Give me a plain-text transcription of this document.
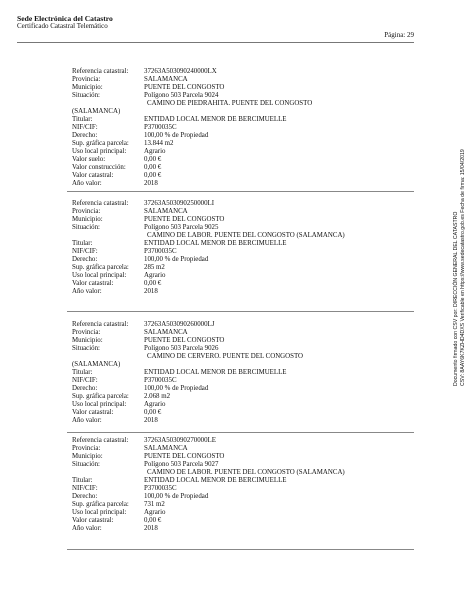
Sede Electrónica del Catastro
Certificado Catastral Telemático
Página: 29
Referencia catastral: 37263A503090240000LX
Provincia:	SALAMANCA
Municipio:	PUENTE DEL CONGOSTO
Situación:	Polígono 503 Parcela 9024
CAMINO DE PIEDRAHITA. PUENTE DEL CONGOSTO
(SALAMANCA)
Titular:	ENTIDAD LOCAL MENOR DE BERCIMUELLE
NIF/CIF:	P3700035C
Derecho:	100,00 % de Propiedad
Sup. gráfica parcela: 13.844 m2
Uso local principal:	Agrario
Valor suelo:	0,00 €
Valor construcción:	0,00 €
Valor catastral:	0,00 €
Año valor:	2018
Referencia catastral: 37263A503090250000LI
Provincia:	SALAMANCA
Municipio:	PUENTE DEL CONGOSTO
Situación:	Polígono 503 Parcela 9025
CAMINO DE LABOR. PUENTE DEL CONGOSTO (SALAMANCA)
Titular:	ENTIDAD LOCAL MENOR DE BERCIMUELLE
NIF/CIF:	P3700035C
Derecho:	100,00 % de Propiedad
Sup. gráfica parcela: 285 m2
Uso local principal:	Agrario
Valor catastral:	0,00 €
Año valor:	2018
Referencia catastral: 37263A503090260000LJ
Provincia:	SALAMANCA
Municipio:	PUENTE DEL CONGOSTO
Situación:	Polígono 503 Parcela 9026
CAMINO DE CERVERO. PUENTE DEL CONGOSTO
(SALAMANCA)
Titular:	ENTIDAD LOCAL MENOR DE BERCIMUELLE
NIF/CIF:	P3700035C
Derecho:	100,00 % de Propiedad
Sup. gráfica parcela: 2.068 m2
Uso local principal:	Agrario
Valor catastral:	0,00 €
Año valor:	2018
Referencia catastral: 37263A503090270000LE
Provincia:	SALAMANCA
Municipio:	PUENTE DEL CONGOSTO
Situación:	Polígono 503 Parcela 9027
CAMINO DE LABOR. PUENTE DEL CONGOSTO (SALAMANCA)
Titular:	ENTIDAD LOCAL MENOR DE BERCIMUELLE
NIF/CIF:	P3700035C
Derecho:	100,00 % de Propiedad
Sup. gráfica parcela: 731 m2
Uso local principal:	Agrario
Valor catastral:	0,00 €
Año valor:	2018
Documento firmado con CSV por: DIRECCIÓN GENERAL DEL CATASTRO CSV: 8AAY6K7KZHD4DXS Verificable en https://www.sedecatastro.gob.es Fecha de firma: 15/04/2019
